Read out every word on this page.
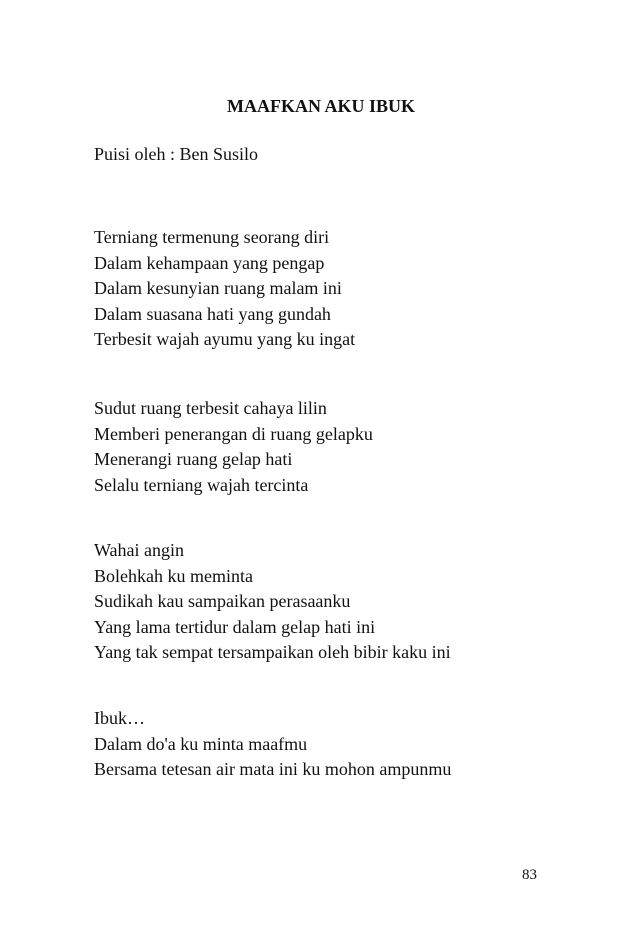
MAAFKAN AKU IBUK
Puisi oleh : Ben Susilo
Terniang termenung seorang diri
Dalam kehampaan yang pengap
Dalam kesunyian ruang malam ini
Dalam suasana hati yang gundah
Terbesit wajah ayumu yang ku ingat
Sudut ruang terbesit cahaya lilin
Memberi penerangan di ruang gelapku
Menerangi ruang gelap hati
Selalu terniang wajah tercinta
Wahai angin
Bolehkah ku meminta
Sudikah kau sampaikan perasaanku
Yang lama tertidur dalam gelap hati ini
Yang tak sempat tersampaikan oleh bibir kaku ini
Ibuk…
Dalam do'a ku minta maafmu
Bersama tetesan air mata ini ku mohon ampunmu
83
